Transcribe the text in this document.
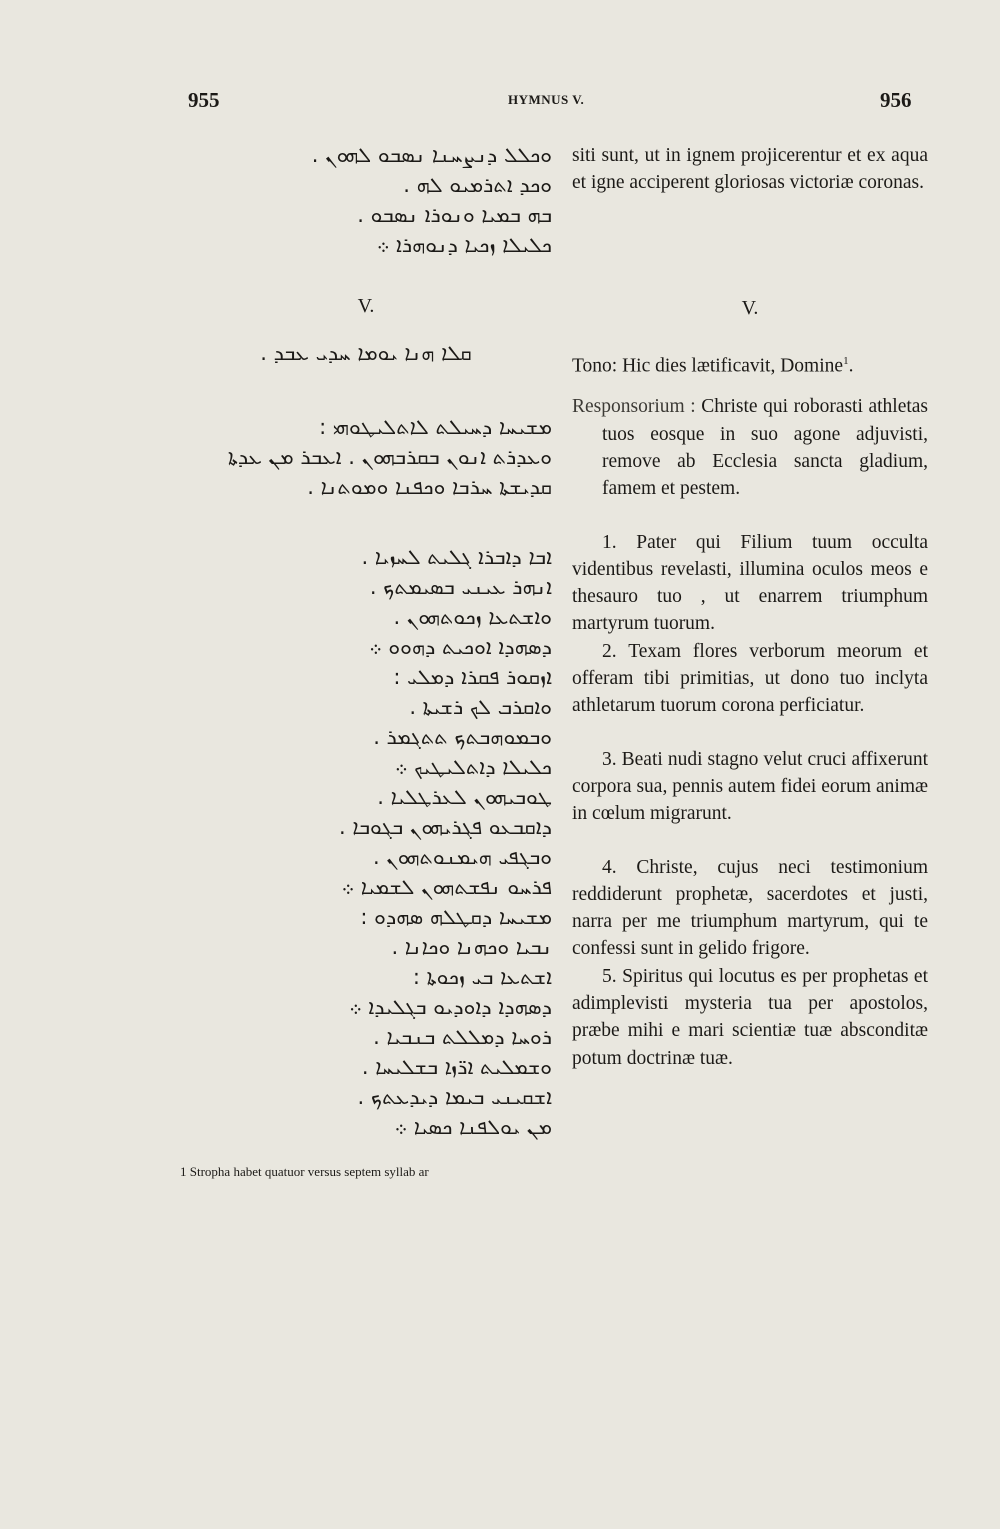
955	HYMNUS V.	956
ܘܟܠܠ ܕܢܨܚܢܐ ܢܣܒܘ ܠܗܘܢ .
ܘܟܕ ܐܬܪܡܝܘ ܠܗ .
ܒܗ ܒܡܝܐ ܘܢܘܪܐ ܢܣܒܘ .
ܟܠܝܠܐ ܙܟܝܐ ܕܢܘܗܪܐ ܀
V.
ܩܠܐ ܗܢܐ ܝܘܡܐ ܚܕܝ ܥܒܕ .
ܡܫܝܚܐ ܕܚܝܠܬ ܠܐܬܠܝܛܘܗܝ :
ܘܥܕܪܬ ܐܢܘܢ ܒܩܪܒܗܘܢ . ܐܥܒܪ ܡܢ ܥܕܬܐ
ܩܕܝܫܬܐ ܚܪܒܐ ܘܟܦܢܐ ܘܡܘܬܢܐ .
ܐܒܐ ܕܐܒܪܐ ܓܠܝܬ ܠܚܙܝܐ .
ܐܢܗܪ ܥܝܢܝ ܒܣܝܡܬܟ .
ܘܐܫܬܥܐ ܙܟܘܬܗܘܢ .
ܕܣܗܕܐ ܐܘܟܝܬ ܕܗܘܘ ܀
ܐܙܩܘܪ ܦܩܪܐ ܕܡܠܝ :
ܘܐܩܪܒ ܠܟ ܪܫܝܬܐ .
ܘܒܡܘܗܒܬܟ ܬܬܓܡܪ .
ܟܠܝܠܐ ܕܐܬܠܝܛܝܟ ܀
ܛܘܒܝܗܘܢ ܠܥܪܛܠܝܐ .
ܕܐܩܒܥܘ ܦܓܪܝܗܘܢ ܒܓܘܒܐ .
ܘܒܓܦܝ ܗܝܡܢܘܬܗܘܢ .
ܦܪܚܘ ܢܦܫܬܗܘܢ ܠܫܡܝܐ ܀
ܡܫܝܚܐ ܕܩܛܠܗ ܣܗܕܘ :
ܢܒܝܐ ܘܟܗܢܐ ܘܟܐܢܐ .
ܐܫܬܥܐ ܒܝ ܙܟܘܬܐ :
ܕܣܗܕܐ ܕܐܘܕܝܘ ܒܓܠܝܕܐ ܀
ܪܘܚܐ ܕܡܠܠܬ ܒܢܒܝܐ .
ܘܫܡܠܝܬ ܐܪ̈ܙܐ ܒܫܠܝܚܐ .
ܐܫܩܝܢܝ ܒܝܡܐ ܕܝܕܥܬܟ .
ܡܢ ܝܘܠܦܢܐ ܟܣܝܐ ܀
1 Stropha habet quatuor versus septem syllab ar

siti sunt, ut in ignem projicerentur et ex aqua et igne acciperent gloriosas victoriæ coronas.

V.

Tono: Hic dies lætificavit, Domine$^1$.

Responsorium : Christe qui roborasti athletas tuos eosque in suo agone adjuvisti, remove ab Ecclesia sancta gladium, famem et pestem.

1. Pater qui Filium tuum occulta videntibus revelasti, illumina oculos meos e thesauro tuo , ut enarrem triumphum martyrum tuorum.

2. Texam flores verborum meorum et offeram tibi primitias, ut dono tuo inclyta athletarum tuorum corona perficiatur.

3. Beati nudi stagno velut cruci affixerunt corpora sua, pennis autem fidei eorum animæ in cœlum migrarunt.

4. Christe, cujus neci testimonium reddiderunt prophetæ, sacerdotes et justi, narra per me triumphum martyrum, qui te confessi sunt in gelido frigore.

5. Spiritus qui locutus es per prophetas et adimplevisti mysteria tua per apostolos, præbe mihi e mari scientiæ tuæ absconditæ potum doctrinæ tuæ.
